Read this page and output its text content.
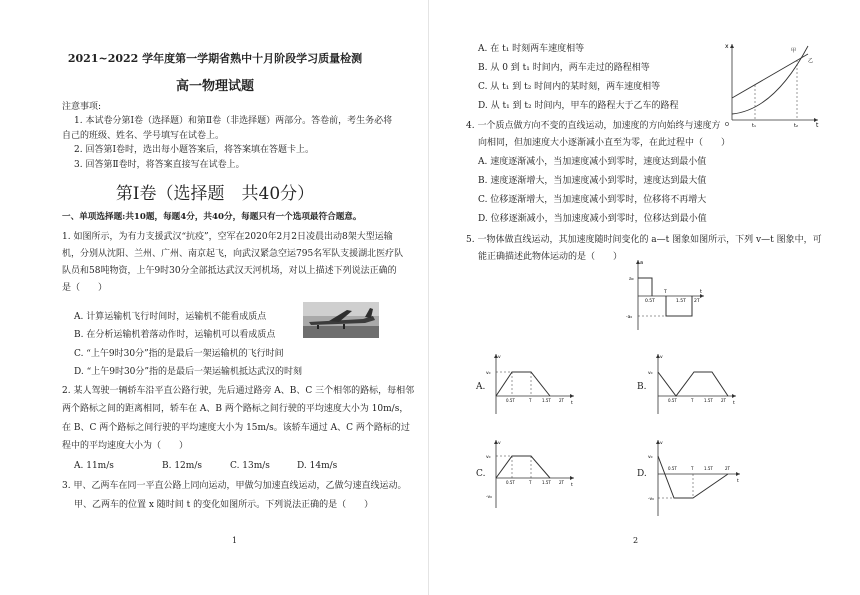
2021~2022 学年度第一学期省熟中十月阶段学习质量检测
高一物理试题
注意事项:
1. 本试卷分第Ⅰ卷（选择题）和第Ⅱ卷（非选择题）两部分。答卷前，考生务必将
自己的班级、姓名、学号填写在试卷上。
2. 回答第Ⅰ卷时，选出每小题答案后，将答案填在答题卡上。
3. 回答第Ⅱ卷时，将答案直接写在试卷上。
第Ⅰ卷（选择题　共40分）
一、单项选择题:共10题，每题4分，共40分，每题只有一个选项最符合题意。
1. 如图所示，为有力支援武汉“抗疫”，空军在2020年2月2日凌晨出动8架大型运输
机，分别从沈阳、兰州、广州、南京起飞，向武汉紧急空运795名军队支援湖北医疗队
队员和58吨物资，上午9时30分全部抵达武汉天河机场，对以上描述下列说法正确的
是（　　）
A. 计算运输机飞行时间时，运输机不能看成质点
B. 在分析运输机着落动作时，运输机可以看成质点
C. “上午9时30分”指的是最后一架运输机的飞行时间
D. “上午9时30分”指的是最后一架运输机抵达武汉的时刻
2. 某人驾驶一辆轿车沿平直公路行驶，先后通过路旁 A、B、C 三个相邻的路标，每相邻
两个路标之间的距离相同，轿车在 A、B 两个路标之间行驶的平均速度大小为 10m/s，
在 B、C 两个路标之间行驶的平均速度大小为 15m/s。该轿车通过 A、C 两个路标的过
程中的平均速度大小为（　　）
A. 11m/s	B. 12m/s	C. 13m/s	D. 14m/s
3. 甲、乙两车在同一平直公路上同向运动，甲做匀加速直线运动，乙做匀速直线运动。
甲、乙两车的位置 x 随时间 t 的变化如图所示。下列说法正确的是（　　）
1
A. 在 t₁ 时刻两车速度相等
B. 从 0 到 t₁ 时间内，两车走过的路程相等
C. 从 t₁ 到 t₂ 时间内的某时刻，两车速度相等
D. 从 t₁ 到 t₂ 时间内，甲车的路程大于乙车的路程
O
x
t
t₁	t₂
甲
乙
4. 一个质点做方向不变的直线运动，加速度的方向始终与速度方
向相同，但加速度大小逐渐减小直至为零，在此过程中（　　）
A. 速度逐渐减小，当加速度减小到零时，速度达到最小值
B. 速度逐渐增大，当加速度减小到零时，速度达到最大值
C. 位移逐渐增大，当加速度减小到零时，位移将不再增大
D. 位移逐渐减小，当加速度减小到零时，位移达到最小值
5. 一物体做直线运动，其加速度随时间变化的 a—t 图象如图所示，下列 v—t 图象中，可
能正确描述此物体运动的是（　　）
a
a₀
-a₀
0.5T
T
1.5T 2T
t
A.
v
v₀
0.5T	T	1.5T 2T
t
B.
v
v₀
0.5T	T	1.5T 2T
t
C.
v
v₀
-v₀
0.5T	T	1.5T 2T
t
D.
v
v₀
-v₀
0.5T	T	1.5T	2T
t
2
